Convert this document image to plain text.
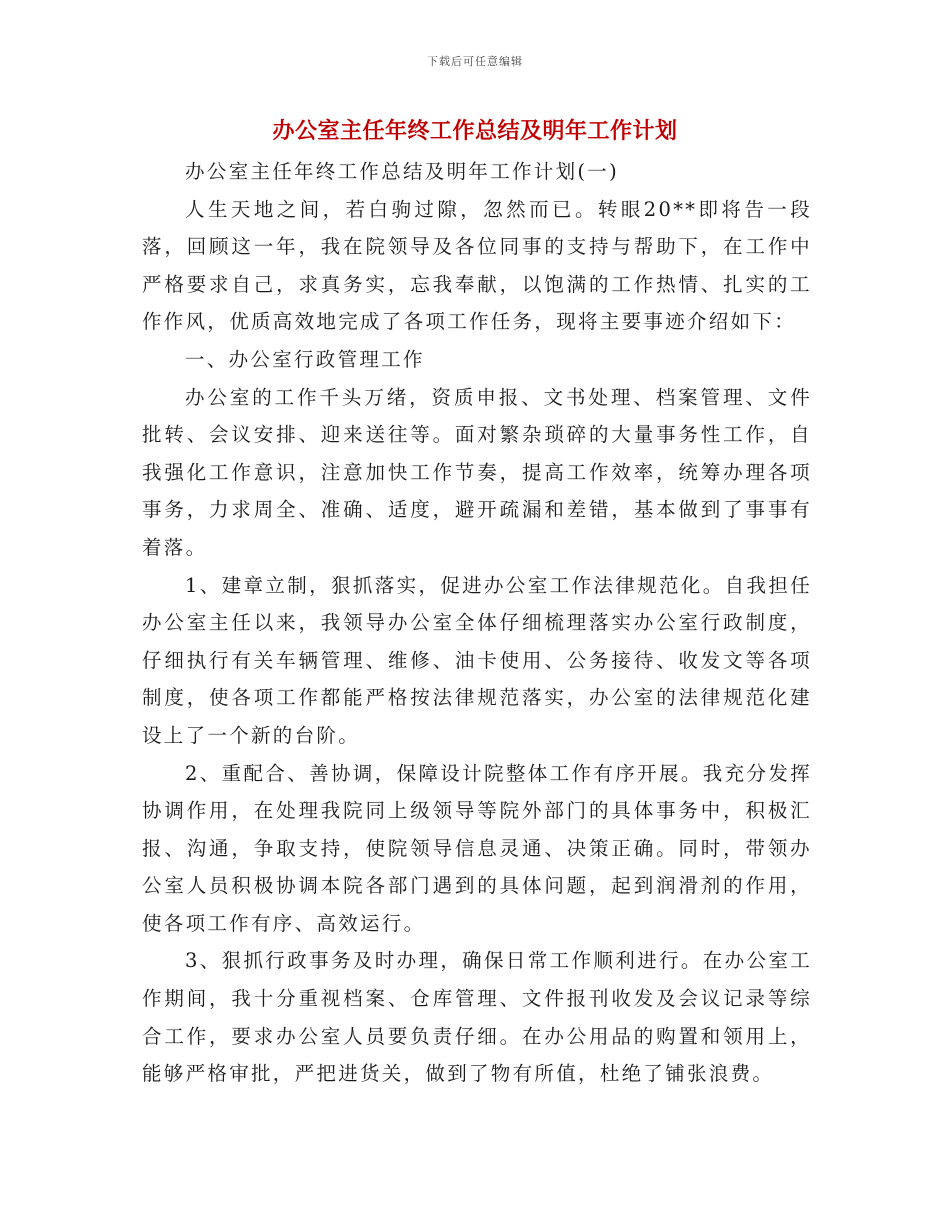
下载后可任意编辑
办公室主任年终工作总结及明年工作计划

办公室主任年终工作总结及明年工作计划(一)

人生天地之间，若白驹过隙，忽然而已。转眼20**即将告一段落，回顾这一年，我在院领导及各位同事的支持与帮助下，在工作中严格要求自己，求真务实，忘我奉献，以饱满的工作热情、扎实的工作作风，优质高效地完成了各项工作任务，现将主要事迹介绍如下：

一、办公室行政管理工作

办公室的工作千头万绪，资质申报、文书处理、档案管理、文件批转、会议安排、迎来送往等。面对繁杂琐碎的大量事务性工作，自我强化工作意识，注意加快工作节奏，提高工作效率，统筹办理各项事务，力求周全、准确、适度，避开疏漏和差错，基本做到了事事有着落。

1、建章立制，狠抓落实，促进办公室工作法律规范化。自我担任办公室主任以来，我领导办公室全体仔细梳理落实办公室行政制度，仔细执行有关车辆管理、维修、油卡使用、公务接待、收发文等各项制度，使各项工作都能严格按法律规范落实，办公室的法律规范化建设上了一个新的台阶。

2、重配合、善协调，保障设计院整体工作有序开展。我充分发挥协调作用，在处理我院同上级领导等院外部门的具体事务中，积极汇报、沟通，争取支持，使院领导信息灵通、决策正确。同时，带领办公室人员积极协调本院各部门遇到的具体问题，起到润滑剂的作用，使各项工作有序、高效运行。

3、狠抓行政事务及时办理，确保日常工作顺利进行。在办公室工作期间，我十分重视档案、仓库管理、文件报刊收发及会议记录等综合工作，要求办公室人员要负责仔细。在办公用品的购置和领用上，能够严格审批，严把进货关，做到了物有所值，杜绝了铺张浪费。
